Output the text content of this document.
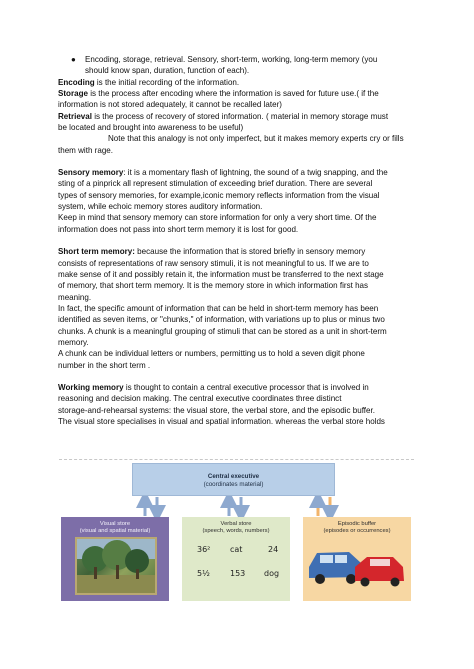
● Encoding, storage, retrieval. Sensory, short-term, working, long-term memory (you

should know span, duration, function of each).

Encoding is the initial recording of the information.

Storage is the process after encoding where the information is saved for future use.( if the

information is not stored adequately, it cannot be recalled later)

Retrieval is the process of recovery of stored information. ( material in memory storage must

be located and brought into awareness to be useful)

Note that this analogy is not only imperfect, but it makes memory experts cry or fills

them with rage.

Sensory memory: it is a momentary flash of lightning, the sound of a twig snapping, and the

sting of a pinprick all represent stimulation of exceeding brief duration. There are several

types of sensory memories, for example,iconic memory reflects information from the visual

system, while echoic memory stores auditory information.

Keep in mind that sensory memory can store information for only a very short time. Of the

information does not pass into short term memory it is lost for good.

Short term memory: because the information that is stored briefly in sensory memory

consists of representations of raw sensory stimuli, it is not meaningful to us. If we are to

make sense of it and possibly retain it, the information must be transferred to the next stage

of memory, that short term memory. It is the memory store in which information first has

meaning.

In fact, the specific amount of information that can be held in short-term memory has been

identified as seven items, or "chunks," of information, with variations up to plus or minus two

chunks. A chunk is a meaningful grouping of stimuli that can be stored as a unit in short-term

memory.

A chunk can be individual letters or numbers, permitting us to hold a seven digit phone

number in the short term .

Working memory is thought to contain a central executive processor that is involved in

reasoning and decision making. The central executive coordinates three distinct

storage-and-rehearsal systems: the visual store, the verbal store, and the episodic buffer.

The visual store specialises in visual and spatial information. whereas the verbal store holds

Central executive
(coordinates material)
Visual store
(visual and spatial material)
Verbal store
(speech, words, numbers)
36² cat	24
5½	153 dog
Episodic buffer
(episodes or occurrences)
